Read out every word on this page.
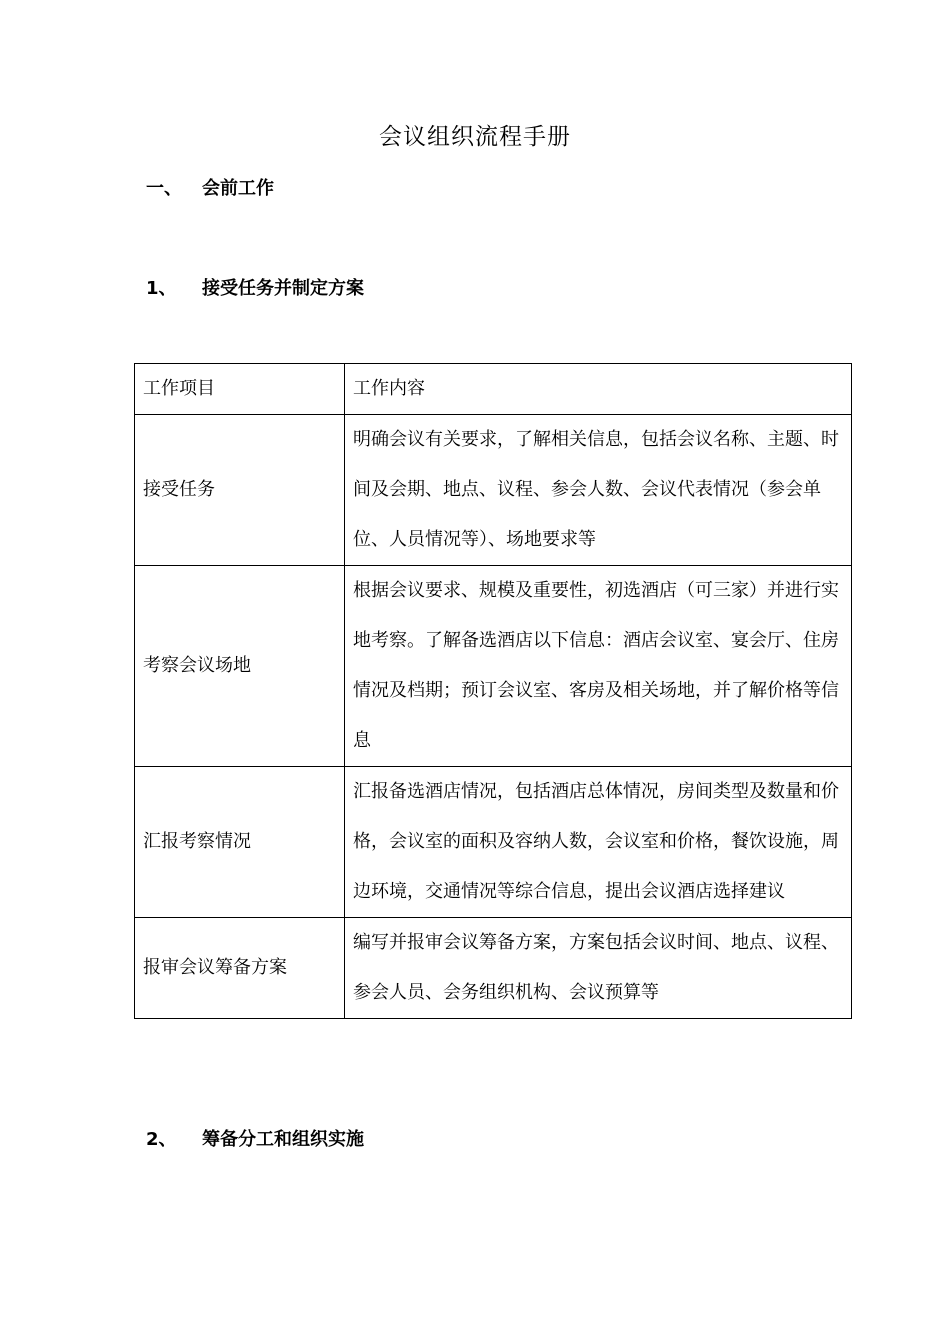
会议组织流程手册
一、	会前工作
1、	接受任务并制定方案
工作项目	工作内容
接受任务	明确会议有关要求，了解相关信息，包括会议名称、主题、时间及会期、地点、议程、参会人数、会议代表情况（参会单位、人员情况等）、场地要求等
考察会议场地	根据会议要求、规模及重要性，初选酒店（可三家）并进行实地考察。了解备选酒店以下信息：酒店会议室、宴会厅、住房情况及档期；预订会议室、客房及相关场地，并了解价格等信息
汇报考察情况	汇报备选酒店情况，包括酒店总体情况，房间类型及数量和价格，会议室的面积及容纳人数，会议室和价格，餐饮设施，周边环境，交通情况等综合信息，提出会议酒店选择建议
报审会议筹备方案	编写并报审会议筹备方案，方案包括会议时间、地点、议程、参会人员、会务组织机构、会议预算等
2、	筹备分工和组织实施
